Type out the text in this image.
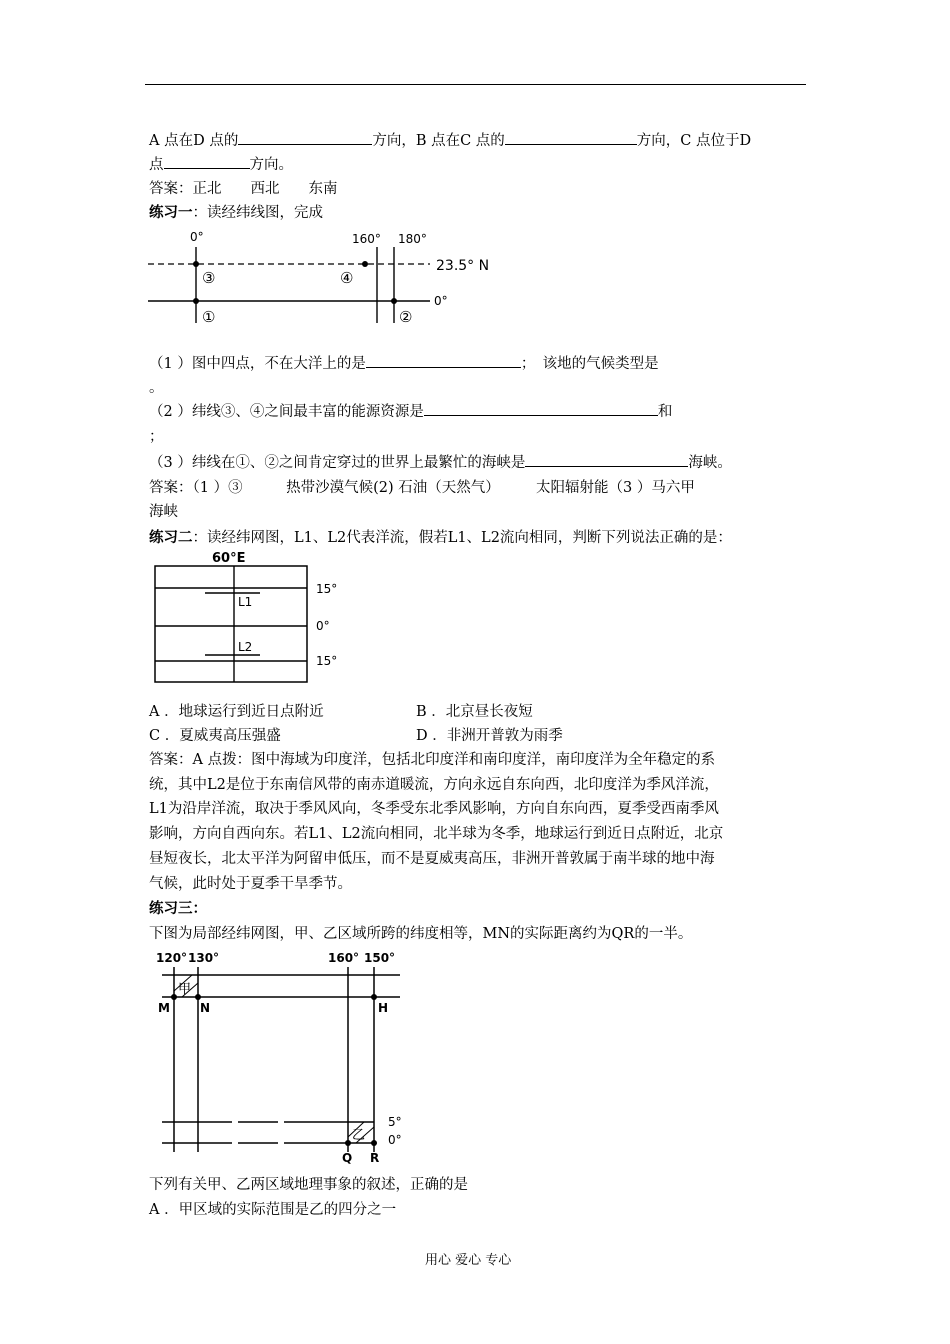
A 点在D 点的	方向，B 点在C 点的	方向，C 点位于D
点	方向。
答案：正北　　西北　　东南
练习一：读经纬线图，完成
0°	160° 180°
23.5° N
0°
③	④
①	②
（1 ）图中四点，不在大洋上的是	；　该地的气候类型是
。
（2 ）纬线③、④之间最丰富的能源资源是	和
；
（3 ）纬线在①、②之间肯定穿过的世界上最繁忙的海峡是	海峡。
答案：（1 ）③　　　热带沙漠气候(2) 石油（天然气）　　　太阳辐射能（3 ）马六甲
海峡
练习二：读经纬网图，L1、L2代表洋流，假若L1、L2流向相同，判断下列说法正确的是：
60°E
L1
L2
15°
0°
15°
A ．地球运行到近日点附近	B ．北京昼长夜短
C ．夏威夷高压强盛	D ．非洲开普敦为雨季
答案：A 点拨：图中海域为印度洋，包括北印度洋和南印度洋，南印度洋为全年稳定的系
统，其中L2是位于东南信风带的南赤道暖流，方向永远自东向西，北印度洋为季风洋流，
L1为沿岸洋流，取决于季风风向，冬季受东北季风影响，方向自东向西，夏季受西南季风
影响，方向自西向东。若L1、L2流向相同，北半球为冬季，地球运行到近日点附近，北京
昼短夜长，北太平洋为阿留申低压，而不是夏威夷高压，非洲开普敦属于南半球的地中海
气候，此时处于夏季干旱季节。
练习三：
下图为局部经纬网图，甲、乙区域所跨的纬度相等，MN的实际距离约为QR的一半。
120° 130°	160° 150°
甲
乙
M	N	H
Q R
5°
0°
下列有关甲、乙两区域地理事象的叙述，正确的是
A ．甲区域的实际范围是乙的四分之一
用心 爱心 专心
